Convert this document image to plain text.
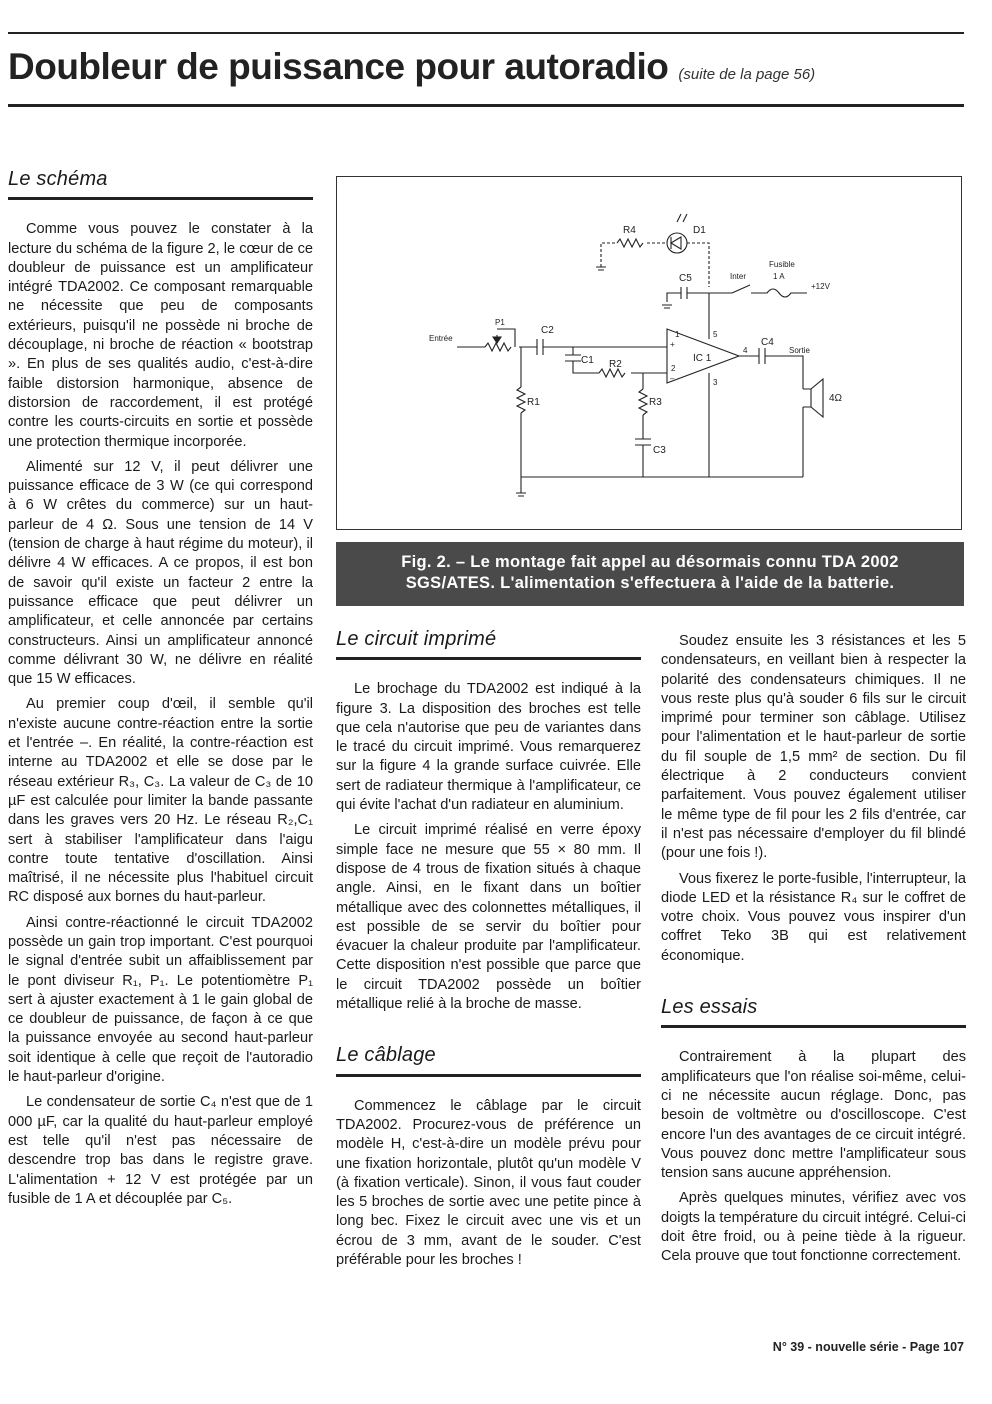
Doubleur de puissance pour autoradio (suite de la page 56)
Le schéma

Comme vous pouvez le constater à la lecture du schéma de la figure 2, le cœur de ce doubleur de puissance est un amplificateur intégré TDA2002. Ce composant remarquable ne nécessite que peu de composants extérieurs, puisqu'il ne possède ni broche de découplage, ni broche de réaction « bootstrap ». En plus de ses qualités audio, c'est-à-dire faible distorsion harmonique, absence de distorsion de raccordement, il est protégé contre les courts-circuits en sortie et possède une protection thermique incorporée.

Alimenté sur 12 V, il peut délivrer une puissance efficace de 3 W (ce qui correspond à 6 W crêtes du commerce) sur un haut-parleur de 4 Ω. Sous une tension de 14 V (tension de charge à haut régime du moteur), il délivre 4 W efficaces. A ce propos, il est bon de savoir qu'il existe un facteur 2 entre la puissance efficace que peut délivrer un amplificateur, et celle annoncée par certains constructeurs. Ainsi un amplificateur annoncé comme délivrant 30 W, ne délivre en réalité que 15 W efficaces.

Au premier coup d'œil, il semble qu'il n'existe aucune contre-réaction entre la sortie et l'entrée –. En réalité, la contre-réaction est interne au TDA2002 et elle se dose par le réseau extérieur R₃, C₃. La valeur de C₃ de 10 µF est calculée pour limiter la bande passante dans les graves vers 20 Hz. Le réseau R₂,C₁ sert à stabiliser l'amplificateur dans l'aigu contre toute tentative d'oscillation. Ainsi maîtrisé, il ne nécessite plus l'habituel circuit RC disposé aux bornes du haut-parleur.

Ainsi contre-réactionné le circuit TDA2002 possède un gain trop important. C'est pourquoi le signal d'entrée subit un affaiblissement par le pont diviseur R₁, P₁. Le potentiomètre P₁ sert à ajuster exactement à 1 le gain global de ce doubleur de puissance, de façon à ce que la puissance envoyée au second haut-parleur soit identique à celle que reçoit de l'autoradio le haut-parleur d'origine.

Le condensateur de sortie C₄ n'est que de 1 000 µF, car la qualité du haut-parleur employé est telle qu'il n'est pas nécessaire de descendre trop bas dans le registre grave. L'alimentation + 12 V est protégée par un fusible de 1 A et découplée par C₅.

R4	D1
C5	Inter
Fusible
1 A
+12V
Entrée
P1
C2
C1 R2
IC 1
C4
Sortie
R1	R3
C3
4Ω
1
2
3
4
5
+
–
Fig. 2. – Le montage fait appel au désormais connu TDA 2002
SGS/ATES. L'alimentation s'effectuera à l'aide de la batterie.
Le circuit imprimé

Le brochage du TDA2002 est indiqué à la figure 3. La disposition des broches est telle que cela n'autorise que peu de variantes dans le tracé du circuit imprimé. Vous remarquerez sur la figure 4 la grande surface cuivrée. Elle sert de radiateur thermique à l'amplificateur, ce qui évite l'achat d'un radiateur en aluminium.

Le circuit imprimé réalisé en verre époxy simple face ne mesure que 55 × 80 mm. Il dispose de 4 trous de fixation situés à chaque angle. Ainsi, en le fixant dans un boîtier métallique avec des colonnettes métalliques, il est possible de se servir du boîtier pour évacuer la chaleur produite par l'amplificateur. Cette disposition n'est possible que parce que le circuit TDA2002 possède un boîtier métallique relié à la broche de masse.

Le câblage

Commencez le câblage par le circuit TDA2002. Procurez-vous de préférence un modèle H, c'est-à-dire un modèle prévu pour une fixation horizontale, plutôt qu'un modèle V (à fixation verticale). Sinon, il vous faut couder les 5 broches de sortie avec une petite pince à long bec. Fixez le circuit avec une vis et un écrou de 3 mm, avant de le souder. C'est préférable pour les broches !

Soudez ensuite les 3 résistances et les 5 condensateurs, en veillant bien à respecter la polarité des condensateurs chimiques. Il ne vous reste plus qu'à souder 6 fils sur le circuit imprimé pour terminer son câblage. Utilisez pour l'alimentation et le haut-parleur de sortie du fil souple de 1,5 mm² de section. Du fil électrique à 2 conducteurs convient parfaitement. Vous pouvez également utiliser le même type de fil pour les 2 fils d'entrée, car il n'est pas nécessaire d'employer du fil blindé (pour une fois !).

Vous fixerez le porte-fusible, l'interrupteur, la diode LED et la résistance R₄ sur le coffret de votre choix. Vous pouvez vous inspirer d'un coffret Teko 3B qui est relativement économique.

Les essais

Contrairement à la plupart des amplificateurs que l'on réalise soi-même, celui-ci ne nécessite aucun réglage. Donc, pas besoin de voltmètre ou d'oscilloscope. C'est encore l'un des avantages de ce circuit intégré. Vous pouvez donc mettre l'amplificateur sous tension sans aucune appréhension.

Après quelques minutes, vérifiez avec vos doigts la température du circuit intégré. Celui-ci doit être froid, ou à peine tiède à la rigueur. Cela prouve que tout fonctionne correctement.

N° 39 - nouvelle série - Page 107
